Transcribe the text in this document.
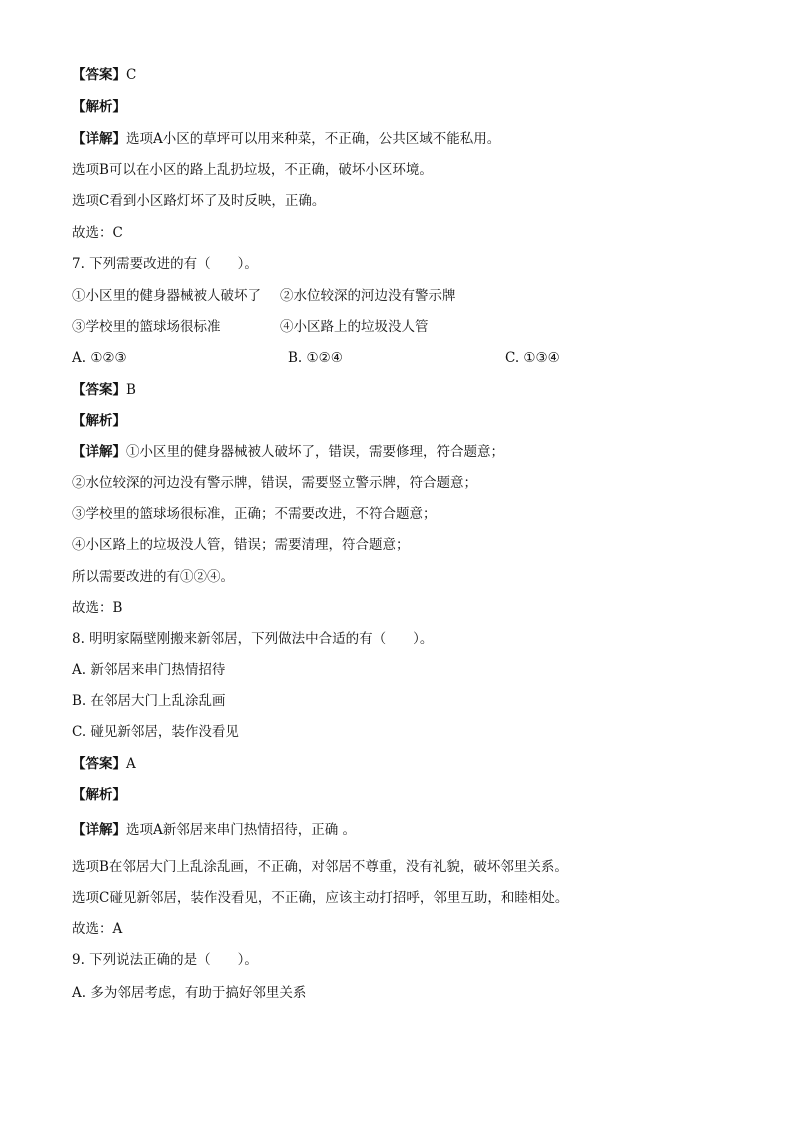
【答案】C
【解析】
【详解】选项A小区的草坪可以用来种菜，不正确，公共区域不能私用。
选项B可以在小区的路上乱扔垃圾，不正确，破坏小区环境。
选项C看到小区路灯坏了及时反映，正确。
故选：C
7. 下列需要改进的有（　　）。
①小区里的健身器械被人破坏了 ②水位较深的河边没有警示牌
③学校里的篮球场很标准	④小区路上的垃圾没人管
A. ①②③	B. ①②④	C. ①③④
【答案】B
【解析】
【详解】①小区里的健身器械被人破坏了，错误，需要修理，符合题意；
②水位较深的河边没有警示牌，错误，需要竖立警示牌，符合题意；
③学校里的篮球场很标准，正确；不需要改进，不符合题意；
④小区路上的垃圾没人管，错误；需要清理，符合题意；
所以需要改进的有①②④。
故选：B
8. 明明家隔壁刚搬来新邻居，下列做法中合适的有（　　）。
A. 新邻居来串门热情招待
B. 在邻居大门上乱涂乱画
C. 碰见新邻居，装作没看见
【答案】A
【解析】
【详解】选项A新邻居来串门热情招待，正确 。
选项B在邻居大门上乱涂乱画，不正确，对邻居不尊重，没有礼貌，破坏邻里关系。
选项C碰见新邻居，装作没看见，不正确，应该主动打招呼，邻里互助，和睦相处。
故选：A
9. 下列说法正确的是（　　）。
A. 多为邻居考虑，有助于搞好邻里关系
